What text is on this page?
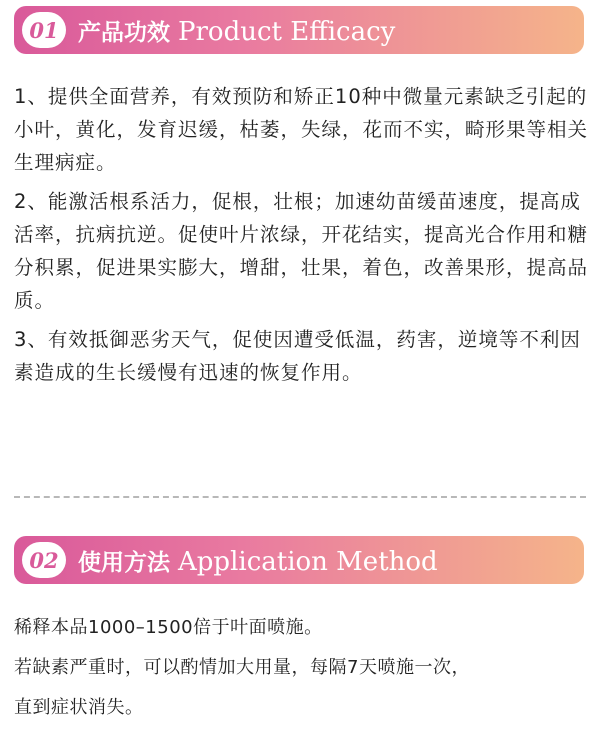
01 产品功效 Product Efficacy

1、提供全面营养，有效预防和矫正10种中微量元素缺乏引起的小叶，黄化，发育迟缓，枯萎，失绿，花而不实，畸形果等相关生理病症。

2、能激活根系活力，促根，壮根；加速幼苗缓苗速度，提高成活率，抗病抗逆。促使叶片浓绿，开花结实，提高光合作用和糖分积累，促进果实膨大，增甜，壮果，着色，改善果形，提高品质。

3、有效抵御恶劣天气，促使因遭受低温，药害，逆境等不利因素造成的生长缓慢有迅速的恢复作用。

02 使用方法 Application Method

稀释本品1000–1500倍于叶面喷施。

若缺素严重时，可以酌情加大用量，每隔7天喷施一次，

直到症状消失。
